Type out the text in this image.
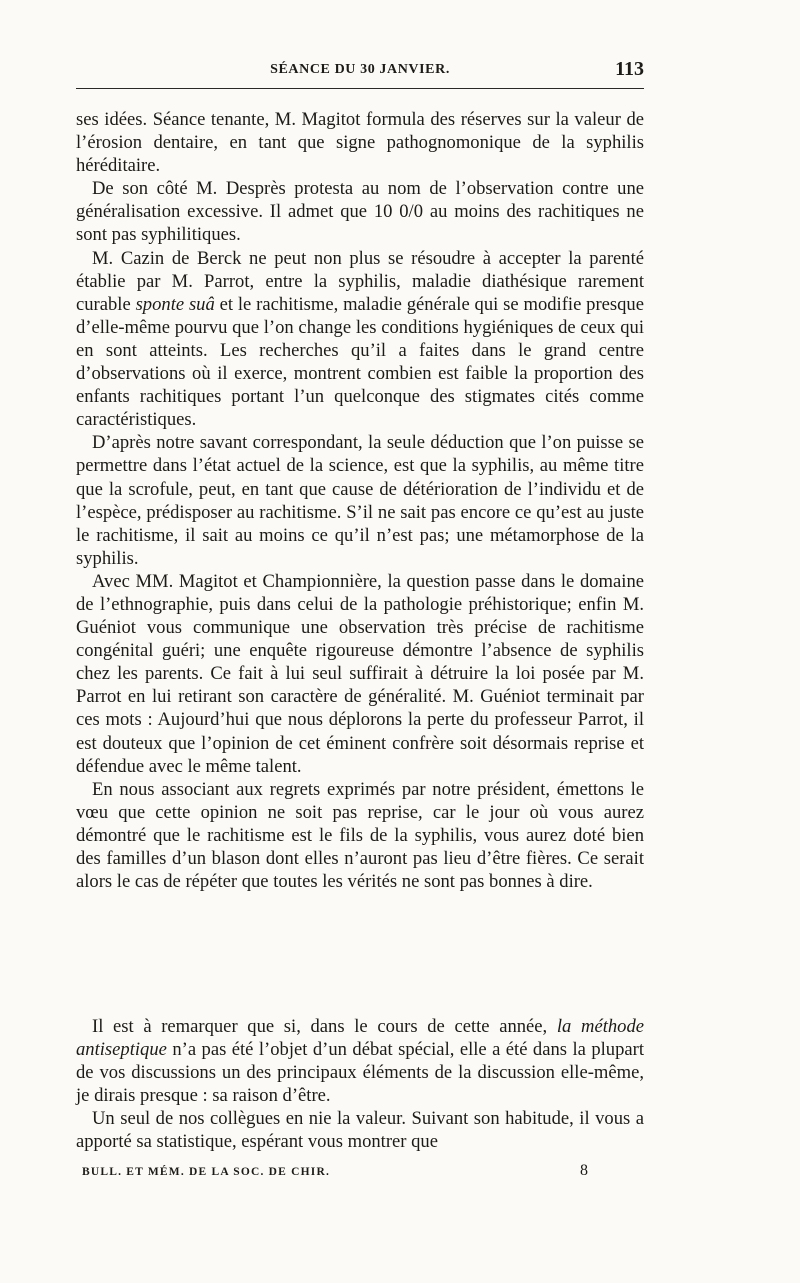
SÉANCE DU 30 JANVIER.	113

ses idées. Séance tenante, M. Magitot formula des réserves sur la valeur de l’érosion dentaire, en tant que signe pathognomonique de la syphilis héréditaire.

De son côté M. Desprès protesta au nom de l’observation contre une généralisation excessive. Il admet que 10 0/0 au moins des rachitiques ne sont pas syphilitiques.

M. Cazin de Berck ne peut non plus se résoudre à accepter la parenté établie par M. Parrot, entre la syphilis, maladie diathésique rarement curable sponte suâ et le rachitisme, maladie générale qui se modifie presque d’elle-même pourvu que l’on change les conditions hygiéniques de ceux qui en sont atteints. Les recherches qu’il a faites dans le grand centre d’observations où il exerce, montrent combien est faible la proportion des enfants rachitiques portant l’un quelconque des stigmates cités comme caractéristiques.

D’après notre savant correspondant, la seule déduction que l’on puisse se permettre dans l’état actuel de la science, est que la syphilis, au même titre que la scrofule, peut, en tant que cause de détérioration de l’individu et de l’espèce, prédisposer au rachitisme. S’il ne sait pas encore ce qu’est au juste le rachitisme, il sait au moins ce qu’il n’est pas; une métamorphose de la syphilis.

Avec MM. Magitot et Championnière, la question passe dans le domaine de l’ethnographie, puis dans celui de la pathologie préhistorique; enfin M. Guéniot vous communique une observation très précise de rachitisme congénital guéri; une enquête rigoureuse démontre l’absence de syphilis chez les parents. Ce fait à lui seul suffirait à détruire la loi posée par M. Parrot en lui retirant son caractère de généralité. M. Guéniot terminait par ces mots : Aujourd’hui que nous déplorons la perte du professeur Parrot, il est douteux que l’opinion de cet éminent confrère soit désormais reprise et défendue avec le même talent.

En nous associant aux regrets exprimés par notre président, émettons le vœu que cette opinion ne soit pas reprise, car le jour où vous aurez démontré que le rachitisme est le fils de la syphilis, vous aurez doté bien des familles d’un blason dont elles n’auront pas lieu d’être fières. Ce serait alors le cas de répéter que toutes les vérités ne sont pas bonnes à dire.

Il est à remarquer que si, dans le cours de cette année, la méthode antiseptique n’a pas été l’objet d’un débat spécial, elle a été dans la plupart de vos discussions un des principaux éléments de la discussion elle-même, je dirais presque : sa raison d’être.

Un seul de nos collègues en nie la valeur. Suivant son habitude, il vous a apporté sa statistique, espérant vous montrer que

BULL. ET MÉM. DE LA SOC. DE CHIR.	8
